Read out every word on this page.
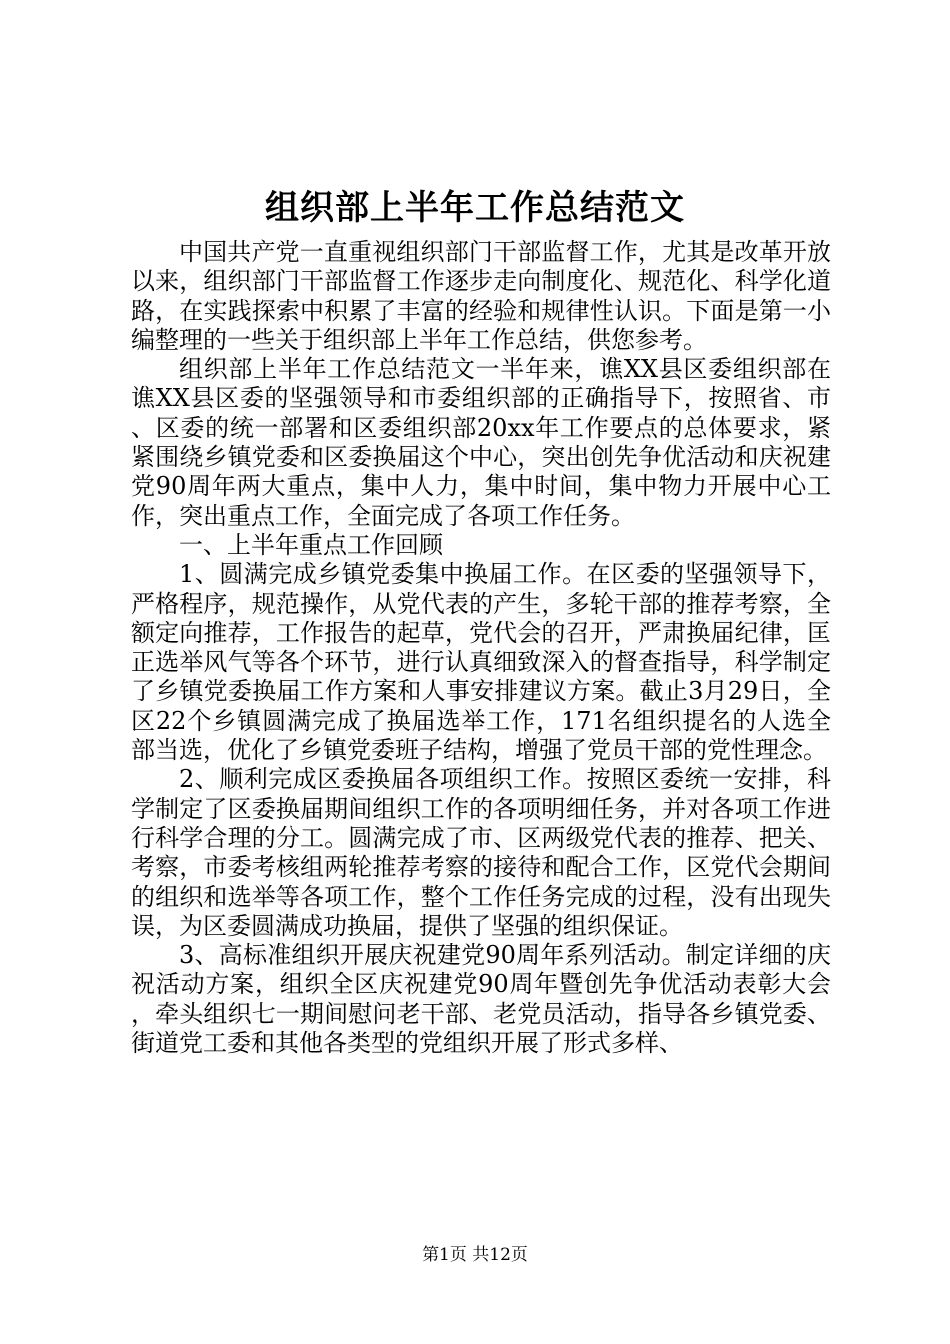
组织部上半年工作总结范文

中国共产党一直重视组织部门干部监督工作，尤其是改革开放以来，组织部门干部监督工作逐步走向制度化、规范化、科学化道路，在实践探索中积累了丰富的经验和规律性认识。下面是第一小编整理的一些关于组织部上半年工作总结，供您参考。

组织部上半年工作总结范文一半年来，谯XX县区委组织部在谯XX县区委的坚强领导和市委组织部的正确指导下，按照省、市、区委的统一部署和区委组织部20xx年工作要点的总体要求，紧紧围绕乡镇党委和区委换届这个中心，突出创先争优活动和庆祝建党90周年两大重点，集中人力，集中时间，集中物力开展中心工作，突出重点工作，全面完成了各项工作任务。

一、上半年重点工作回顾

1、圆满完成乡镇党委集中换届工作。在区委的坚强领导下，严格程序，规范操作，从党代表的产生，多轮干部的推荐考察，全额定向推荐，工作报告的起草，党代会的召开，严肃换届纪律，匡正选举风气等各个环节，进行认真细致深入的督查指导，科学制定了乡镇党委换届工作方案和人事安排建议方案。截止3月29日，全区22个乡镇圆满完成了换届选举工作，171名组织提名的人选全部当选，优化了乡镇党委班子结构，增强了党员干部的党性理念。

2、顺利完成区委换届各项组织工作。按照区委统一安排，科学制定了区委换届期间组织工作的各项明细任务，并对各项工作进行科学合理的分工。圆满完成了市、区两级党代表的推荐、把关、考察，市委考核组两轮推荐考察的接待和配合工作，区党代会期间的组织和选举等各项工作，整个工作任务完成的过程，没有出现失误，为区委圆满成功换届，提供了坚强的组织保证。

3、高标准组织开展庆祝建党90周年系列活动。制定详细的庆祝活动方案，组织全区庆祝建党90周年暨创先争优活动表彰大会，牵头组织七一期间慰问老干部、老党员活动，指导各乡镇党委、街道党工委和其他各类型的党组织开展了形式多样、

第1页 共12页
